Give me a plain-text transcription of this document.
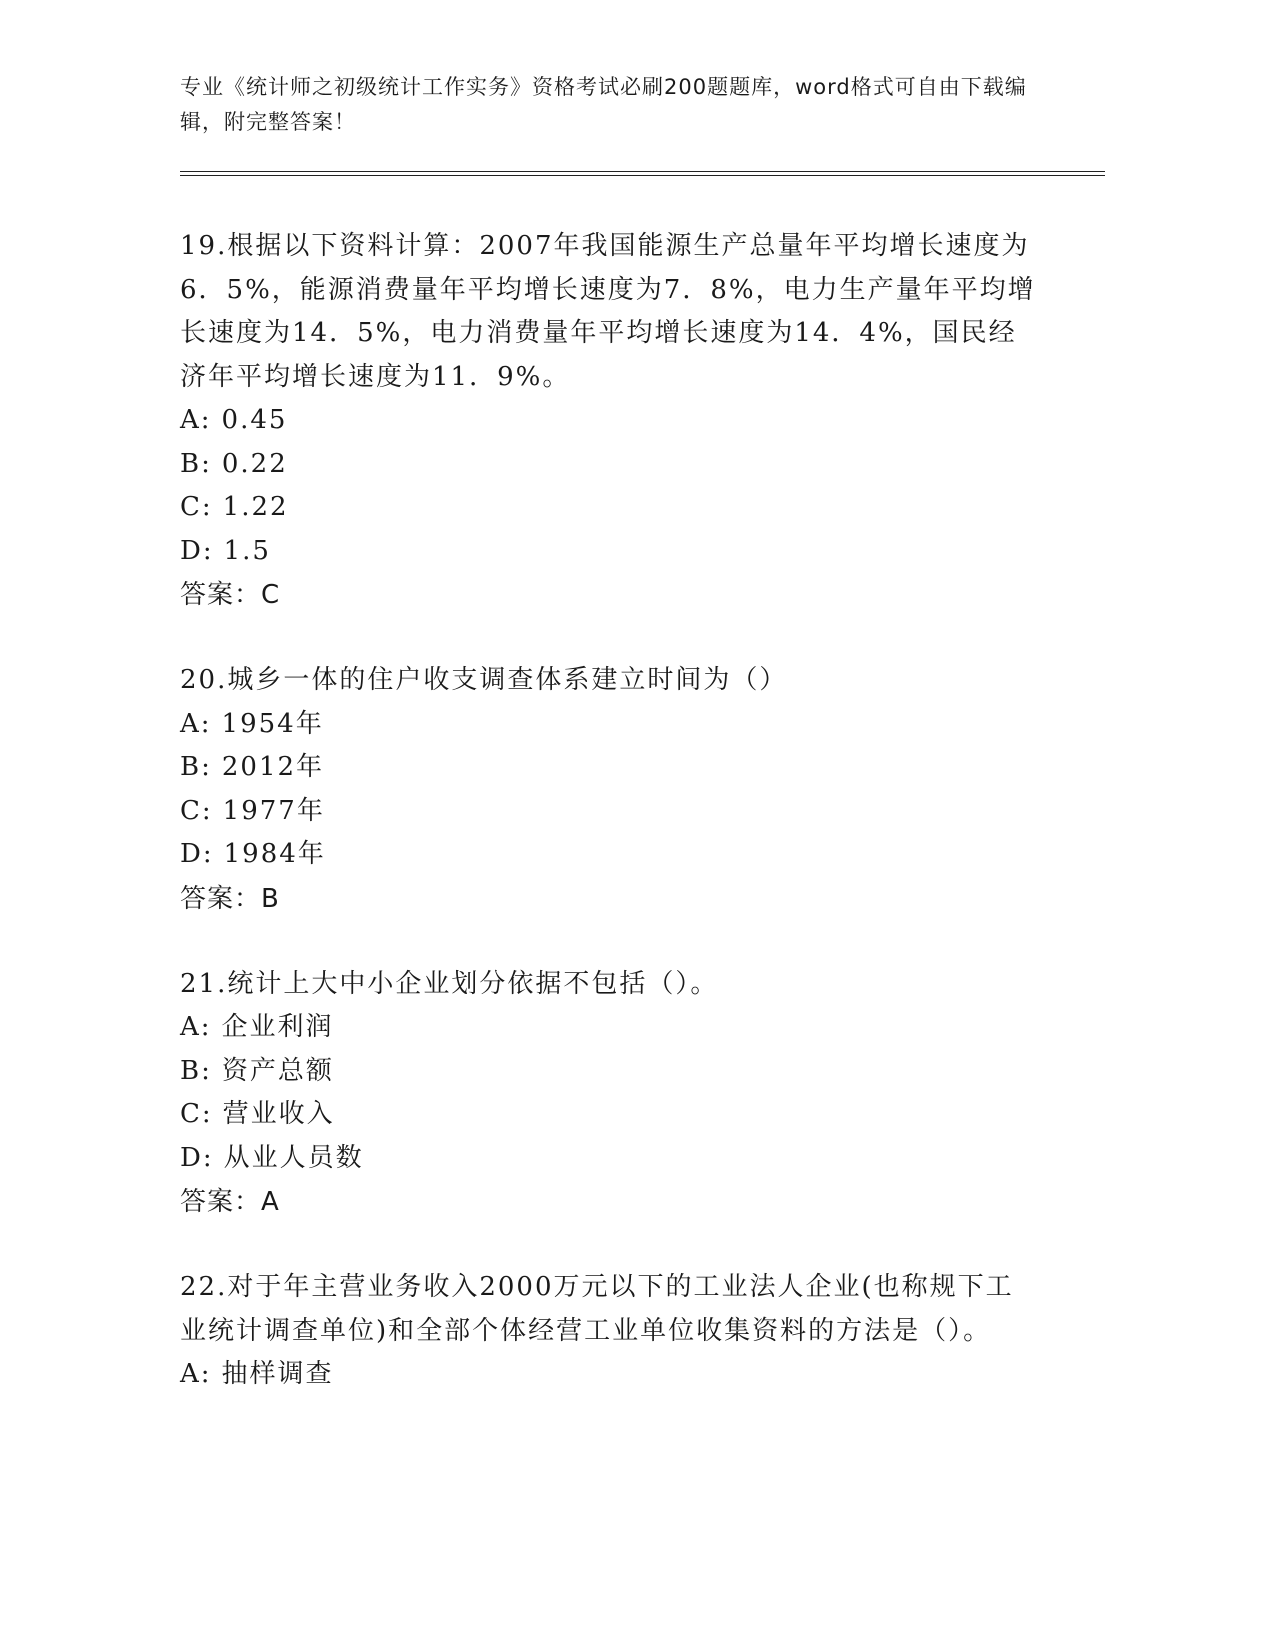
专业《统计师之初级统计工作实务》资格考试必刷200题题库，word格式可自由下载编辑，附完整答案！

19.根据以下资料计算：2007年我国能源生产总量年平均增长速度为6．5%，能源消费量年平均增长速度为7．8%，电力生产量年平均增长速度为14．5%，电力消费量年平均增长速度为14．4%，国民经济年平均增长速度为11．9%。

A: 0.45

B: 0.22

C: 1.22

D: 1.5

答案：C

20.城乡一体的住户收支调查体系建立时间为（）

A: 1954年

B: 2012年

C: 1977年

D: 1984年

答案：B

21.统计上大中小企业划分依据不包括（）。

A: 企业利润

B: 资产总额

C: 营业收入

D: 从业人员数

答案：A

22.对于年主营业务收入2000万元以下的工业法人企业(也称规下工业统计调查单位)和全部个体经营工业单位收集资料的方法是（）。

A: 抽样调查
